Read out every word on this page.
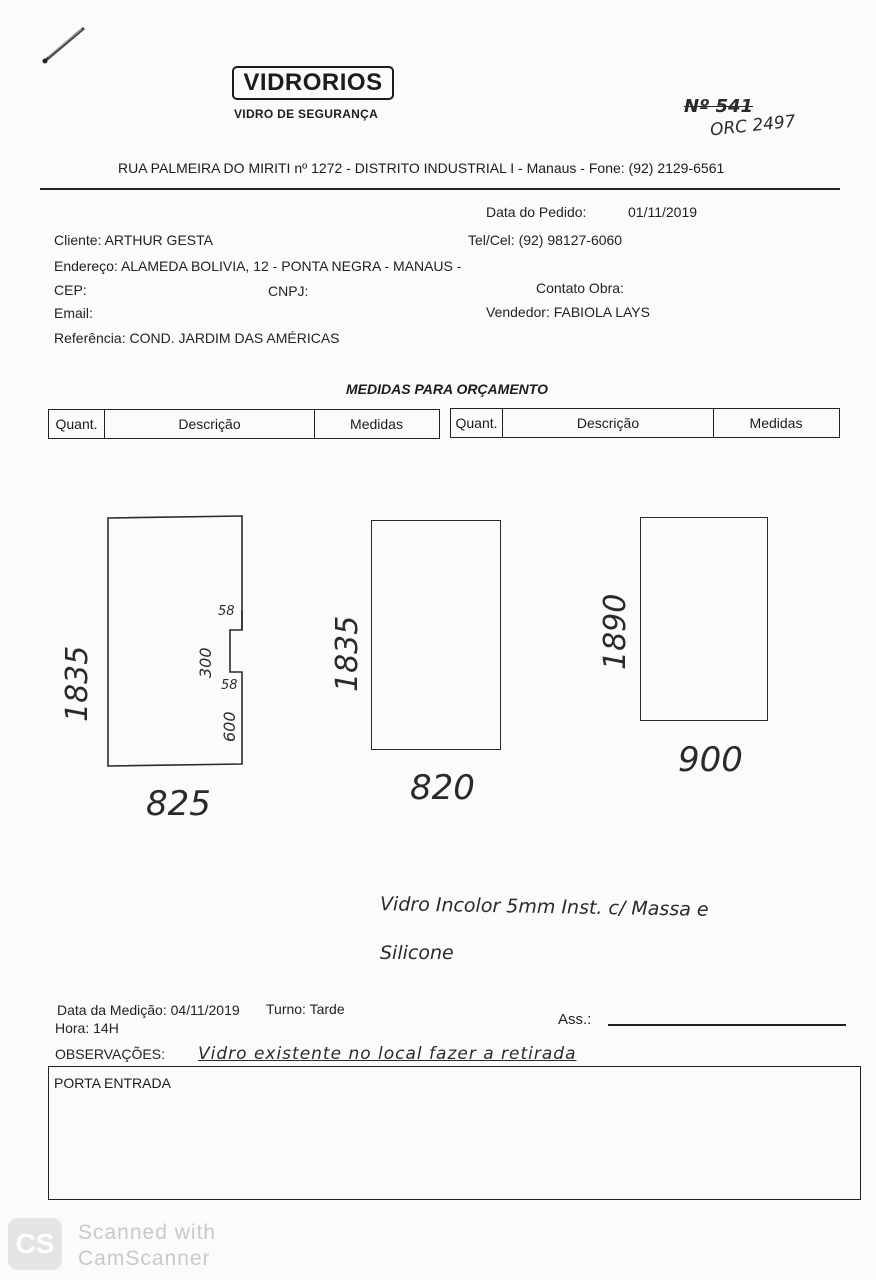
VIDRORIOS
VIDRO DE SEGURANÇA	Nº 541
ORC 2497
RUA PALMEIRA DO MIRITI nº 1272 - DISTRITO INDUSTRIAL I - Manaus - Fone: (92) 2129-6561
Data do Pedido:	01/11/2019
Cliente: ARTHUR GESTA	Tel/Cel: (92) 98127-6060
Endereço: ALAMEDA BOLIVIA, 12 - PONTA NEGRA - MANAUS -
CEP:	CNPJ:	Contato Obra:
Email:	Vendedor: FABIOLA LAYS
Referência: COND. JARDIM DAS AMÉRICAS
MEDIDAS PARA ORÇAMENTO
Quant.	Descrição	Medidas	Quant.	Descrição	Medidas
1835
58
300
58
600
825
1835
820
1890
900
Vidro Incolor 5mm Inst. c/ Massa e
Silicone
Data da Medição: 04/11/2019 Turno: Tarde
Hora: 14H	Ass.:
OBSERVAÇÕES: Vidro existente no local fazer a retirada
PORTA ENTRADA
CS	Scanned with
CamScanner
